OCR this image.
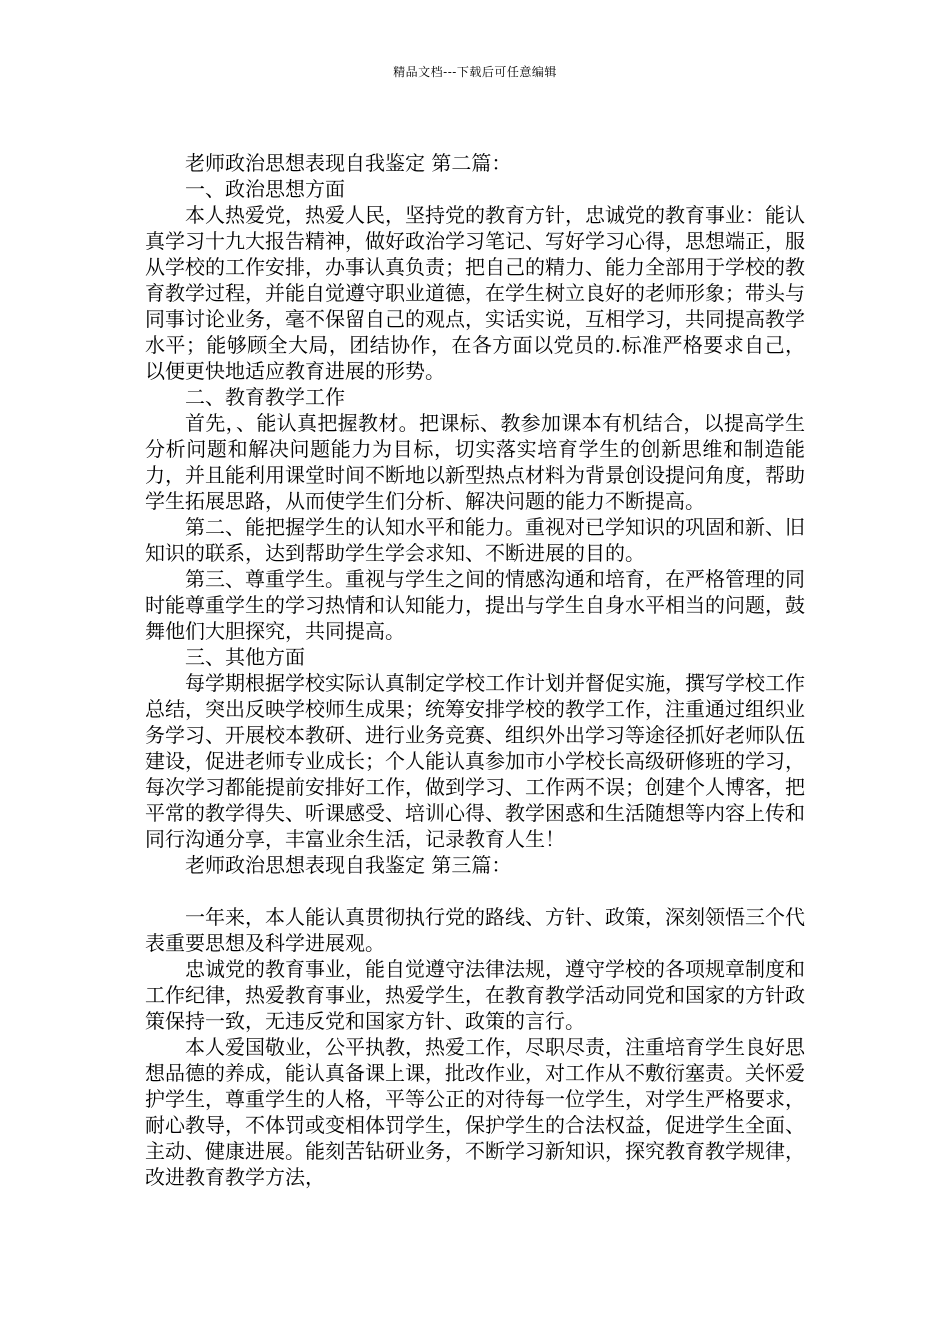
精品文档---下载后可任意编辑

老师政治思想表现自我鉴定 第二篇：

一、政治思想方面

本人热爱党，热爱人民，坚持党的教育方针，忠诚党的教育事业：能认真学习十九大报告精神，做好政治学习笔记、写好学习心得，思想端正，服从学校的工作安排，办事认真负责；把自己的精力、能力全部用于学校的教育教学过程，并能自觉遵守职业道德，在学生树立良好的老师形象；带头与同事讨论业务，毫不保留自己的观点，实话实说，互相学习，共同提高教学水平；能够顾全大局，团结协作，在各方面以党员的.标准严格要求自己，以便更快地适应教育进展的形势。

二、教育教学工作

首先，、能认真把握教材。把课标、教参加课本有机结合，以提高学生分析问题和解决问题能力为目标，切实落实培育学生的创新思维和制造能力，并且能利用课堂时间不断地以新型热点材料为背景创设提问角度，帮助学生拓展思路，从而使学生们分析、解决问题的能力不断提高。

第二、能把握学生的认知水平和能力。重视对已学知识的巩固和新、旧知识的联系，达到帮助学生学会求知、不断进展的目的。

第三、尊重学生。重视与学生之间的情感沟通和培育，在严格管理的同时能尊重学生的学习热情和认知能力，提出与学生自身水平相当的问题，鼓舞他们大胆探究，共同提高。

三、其他方面

每学期根据学校实际认真制定学校工作计划并督促实施，撰写学校工作总结，突出反映学校师生成果；统筹安排学校的教学工作，注重通过组织业务学习、开展校本教研、进行业务竞赛、组织外出学习等途径抓好老师队伍建设，促进老师专业成长；个人能认真参加市小学校长高级研修班的学习，每次学习都能提前安排好工作，做到学习、工作两不误；创建个人博客，把平常的教学得失、听课感受、培训心得、教学困惑和生活随想等内容上传和同行沟通分享，丰富业余生活，记录教育人生！

老师政治思想表现自我鉴定 第三篇：

一年来，本人能认真贯彻执行党的路线、方针、政策，深刻领悟三个代表重要思想及科学进展观。

忠诚党的教育事业，能自觉遵守法律法规，遵守学校的各项规章制度和工作纪律，热爱教育事业，热爱学生，在教育教学活动同党和国家的方针政策保持一致，无违反党和国家方针、政策的言行。

本人爱国敬业，公平执教，热爱工作，尽职尽责，注重培育学生良好思想品德的养成，能认真备课上课，批改作业，对工作从不敷衍塞责。关怀爱护学生，尊重学生的人格，平等公正的对待每一位学生，对学生严格要求，耐心教导，不体罚或变相体罚学生，保护学生的合法权益，促进学生全面、主动、健康进展。能刻苦钻研业务，不断学习新知识，探究教育教学规律，改进教育教学方法，
